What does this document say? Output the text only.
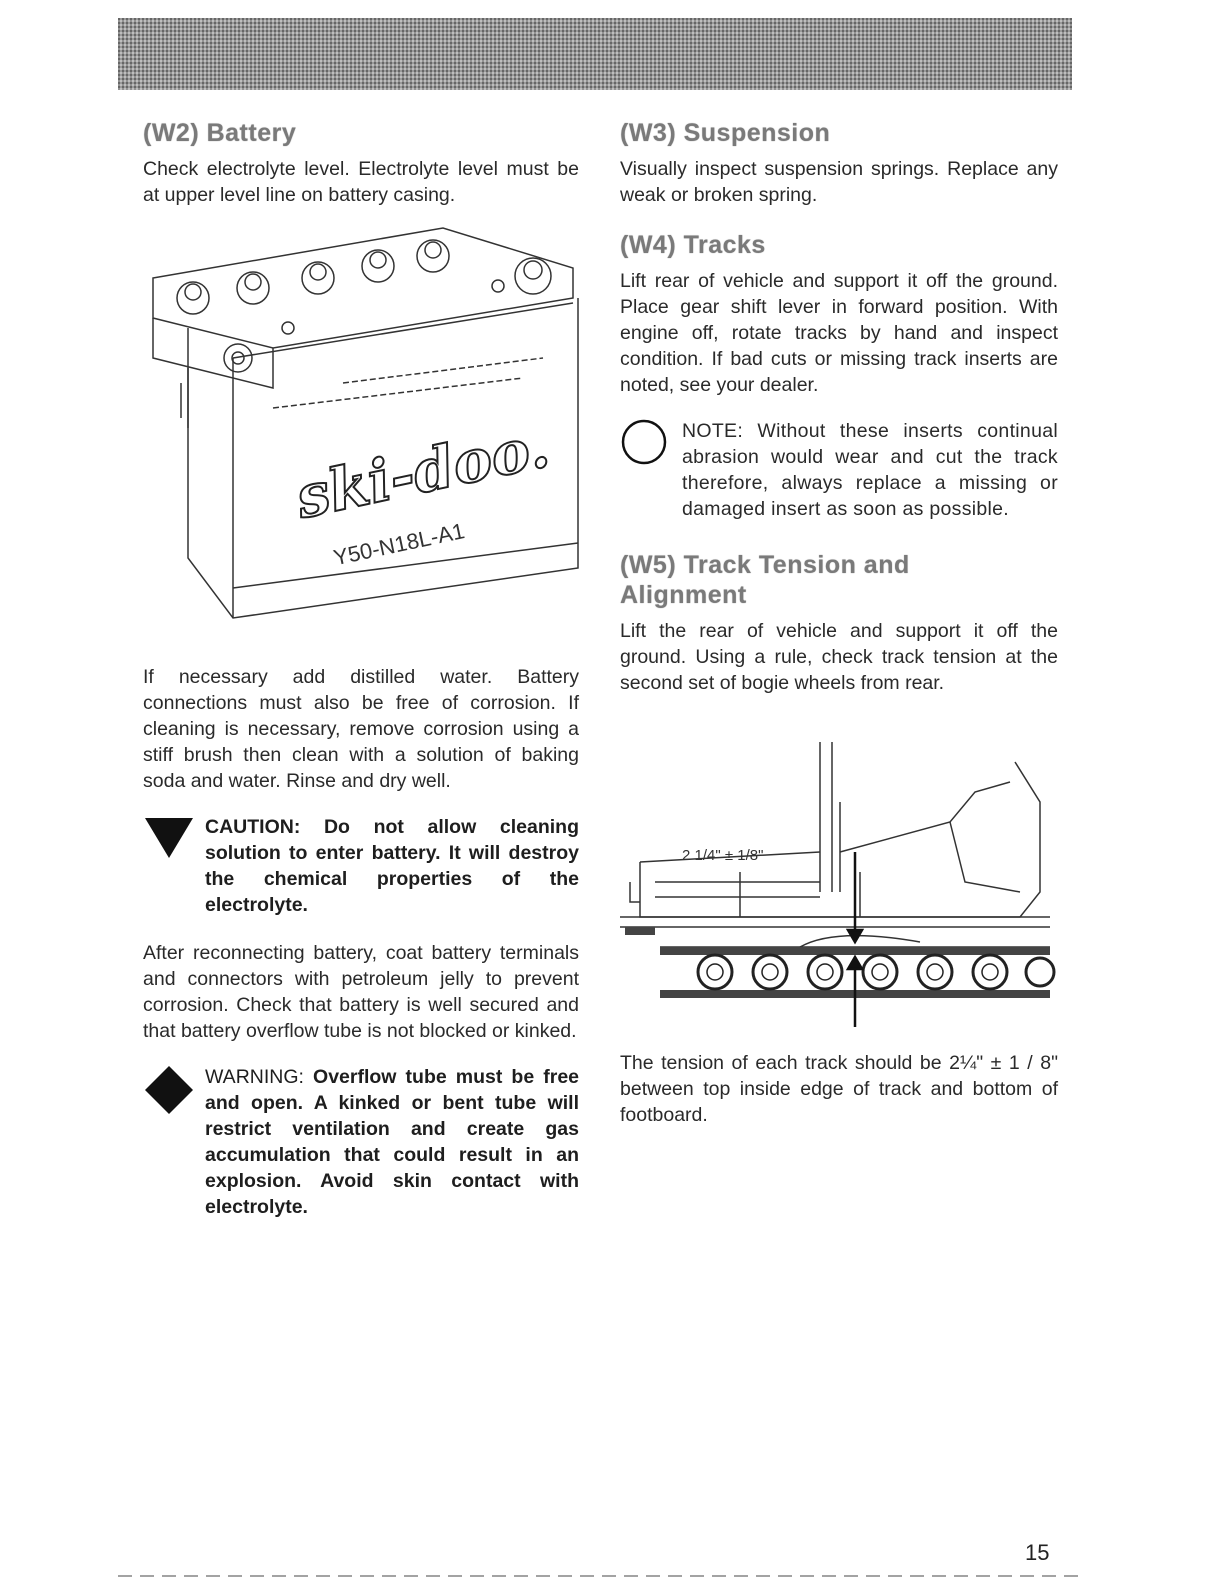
(W2) Battery

Check electrolyte level. Electrolyte level must be at upper level line on battery casing.

ski-doo.
Y50-N18L-A1

If necessary add distilled water. Battery connections must also be free of corrosion. If cleaning is necessary, remove corrosion using a stiff brush then clean with a solution of baking soda and water. Rinse and dry well.

CAUTION: Do not allow cleaning solution to enter battery. It will destroy the chemical properties of the electrolyte.

After reconnecting battery, coat battery terminals and connectors with petroleum jelly to prevent corrosion. Check that battery is well secured and that battery overflow tube is not blocked or kinked.

WARNING: Overflow tube must be free and open. A kinked or bent tube will restrict ventilation and create gas accumulation that could result in an explosion. Avoid skin contact with electrolyte.
(W3) Suspension

Visually inspect suspension springs. Replace any weak or broken spring.

(W4) Tracks

Lift rear of vehicle and support it off the ground. Place gear shift lever in forward position. With engine off, rotate tracks by hand and inspect condition. If bad cuts or missing track inserts are noted, see your dealer.

NOTE: Without these inserts continual abrasion would wear and cut the track therefore, always replace a missing or damaged insert as soon as possible.
(W5) Track Tension and
Alignment

Lift the rear of vehicle and support it off the ground. Using a rule, check track tension at the second set of bogie wheels from rear.

2 1/4" ± 1/8"

The tension of each track should be 2¼" ± 1 / 8" between top inside edge of track and bottom of footboard.

15
